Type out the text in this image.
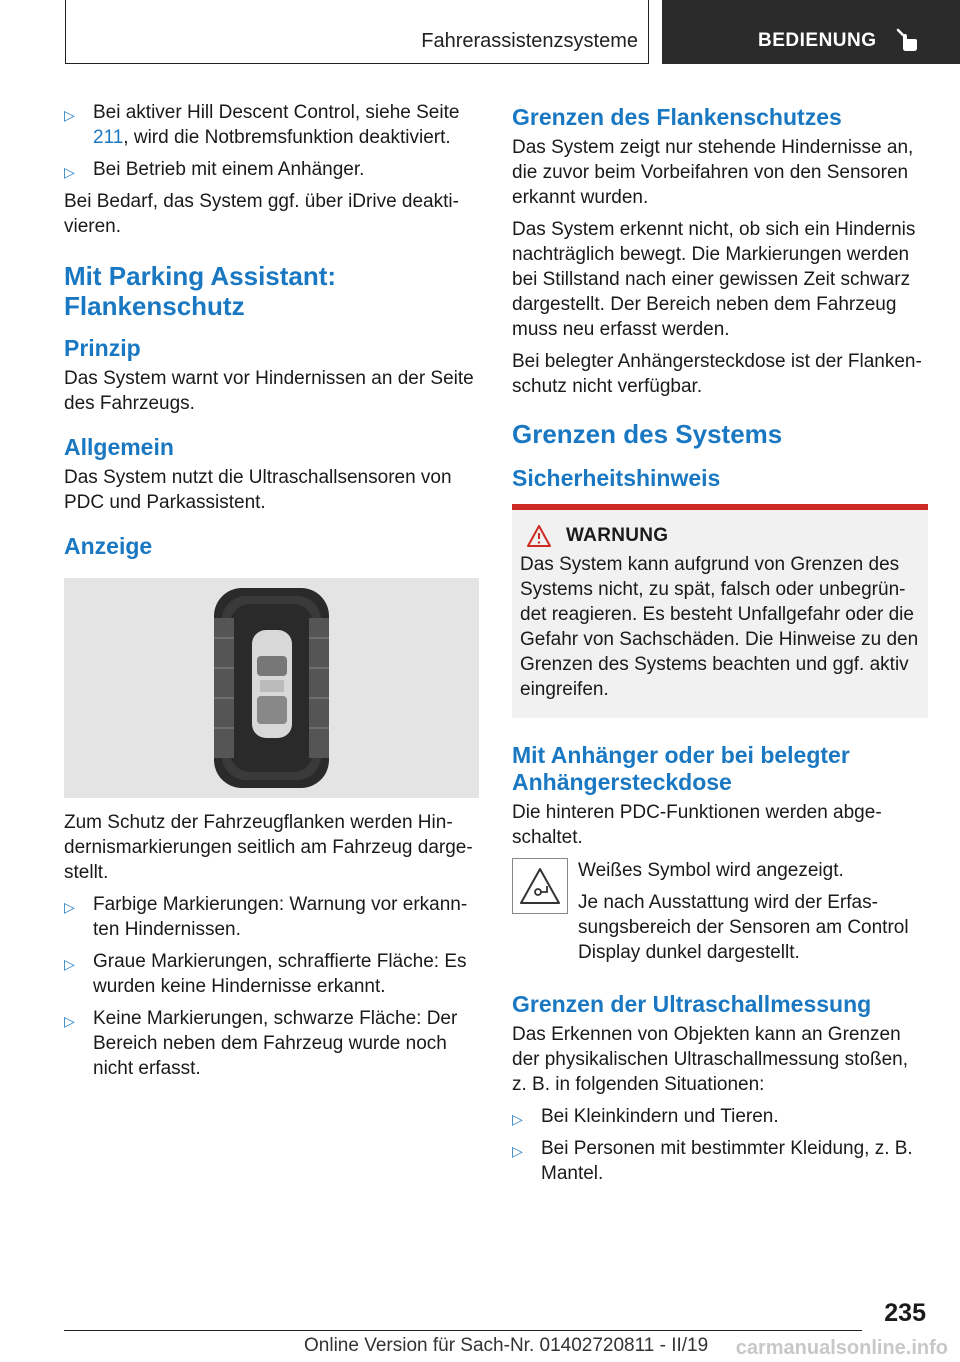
Fahrerassistenzsysteme	BEDIENUNG
▷ Bei aktiver Hill Descent Control, siehe Seite 211, wird die Notbremsfunktion deaktiviert.
▷ Bei Betrieb mit einem Anhänger.

Bei Bedarf, das System ggf. über iDrive deaktivieren.

Mit Parking Assistant: Flankenschutz
Prinzip

Das System warnt vor Hindernissen an der Seite des Fahrzeugs.

Allgemein

Das System nutzt die Ultraschallsensoren von PDC und Parkassistent.

Anzeige

Zum Schutz der Fahrzeugflanken werden Hindernismarkierungen seitlich am Fahrzeug dargestellt.

▷ Farbige Markierungen: Warnung vor erkannten Hindernissen.
▷ Graue Markierungen, schraffierte Fläche: Es wurden keine Hindernisse erkannt.
▷ Keine Markierungen, schwarze Fläche: Der Bereich neben dem Fahrzeug wurde noch nicht erfasst.
Grenzen des Flankenschutzes

Das System zeigt nur stehende Hindernisse an, die zuvor beim Vorbeifahren von den Sensoren erkannt wurden.

Das System erkennt nicht, ob sich ein Hindernis nachträglich bewegt. Die Markierungen werden bei Stillstand nach einer gewissen Zeit schwarz dargestellt. Der Bereich neben dem Fahrzeug muss neu erfasst werden.

Bei belegter Anhängersteckdose ist der Flankenschutz nicht verfügbar.

Grenzen des Systems
Sicherheitshinweis
WARNUNG

Das System kann aufgrund von Grenzen des Systems nicht, zu spät, falsch oder unbegründet reagieren. Es besteht Unfallgefahr oder die Gefahr von Sachschäden. Die Hinweise zu den Grenzen des Systems beachten und ggf. aktiv eingreifen.

Mit Anhänger oder bei belegter Anhängersteckdose

Die hinteren PDC-Funktionen werden abgeschaltet.

Weißes Symbol wird angezeigt.

Je nach Ausstattung wird der Erfassungsbereich der Sensoren am Control Display dunkel dargestellt.

Grenzen der Ultraschallmessung

Das Erkennen von Objekten kann an Grenzen der physikalischen Ultraschallmessung stoßen, z. B. in folgenden Situationen:

▷ Bei Kleinkindern und Tieren.
▷ Bei Personen mit bestimmter Kleidung, z. B. Mantel.
235
Online Version für Sach-Nr. 01402720811 - II/19 carmanualsonline.info
